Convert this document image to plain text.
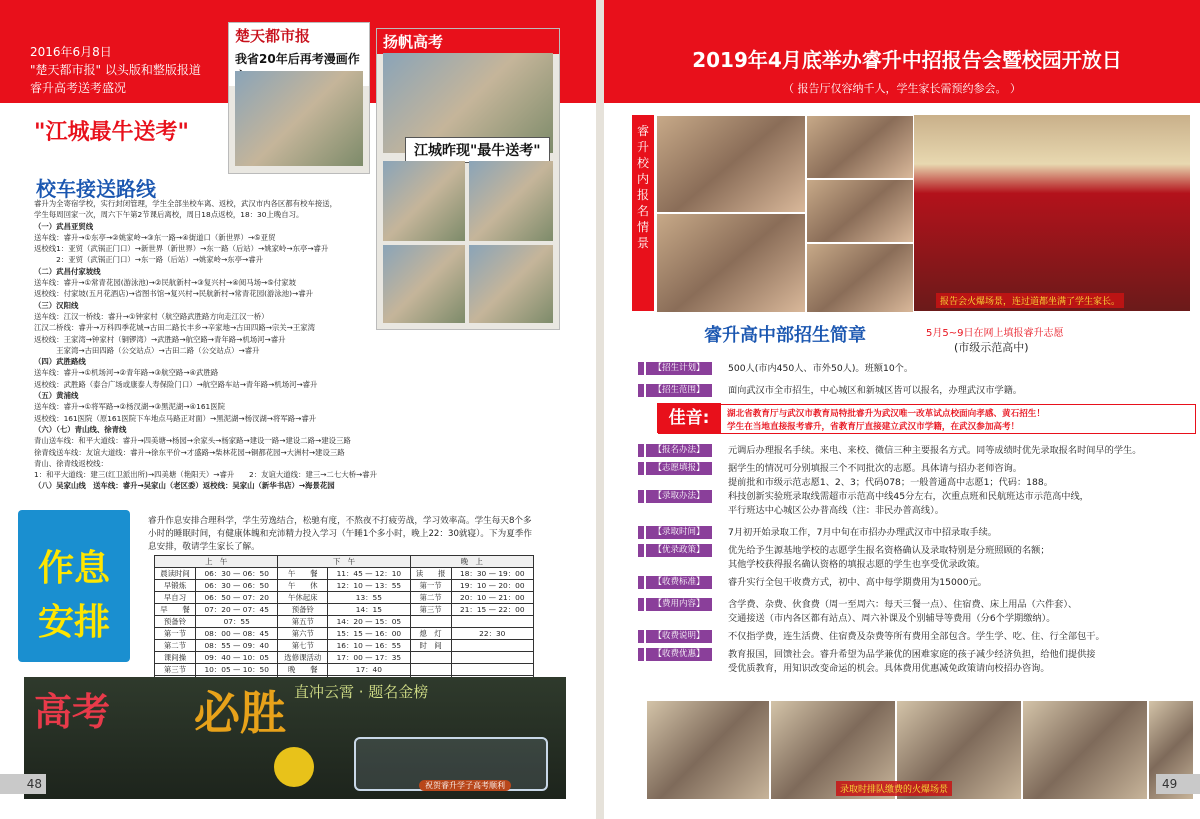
2016年6月8日
"楚天都市报" 以头版和整版报道
睿升高考送考盛况
楚天都市报
我省20年后再考漫画作
扬帆高考
江城昨现"最牛送考"
"江城最牛送考"
校车接送路线
睿升为全寄宿学校，实行封闭管理，学生全部坐校车离、返校，武汉市内各区都有校车接送，
学生每周回家一次，周六下午第2节课后离校，周日18点返校，18：30上晚自习。
（一）武昌亚贸线
送车线：睿升→①东亭→②姚家岭→③东一路→④街道口（新世界）→⑤亚贸
返校线1：亚贸（武锅正门口）→新世界（新世界）→东一路（后站）→姚家岭→东亭→睿升
　　　2：亚贸（武锅正门口）→东一路（后站）→姚家岭→东亭→睿升
（二）武昌付家坡线
送车线：睿升→①常青花园(游泳池)→②民航新村→③复兴村→④阅马场→⑤付家坡
返校线：付家坡(五月花酒店)→省图书馆→复兴村→民航新村→常青花园(游泳池)→睿升
（三）汉阳线
送车线：江汉一桥线：睿升→①钟家村（航空路武胜路方向走江汉一桥）
江汉二桥线：睿升→万科四季花城→古田二路长丰乡→辛家地→古田四路→宗关→王家湾
返校线：王家湾→钟家村（铜锣湾）→武胜路→航空路→青年路→机场河→睿升
　　　王家湾→古田四路（公交站点）→古田二路（公交站点）→睿升
（四）武胜路线
送车线：睿升→①机场河→②青年路→③航空路→④武胜路
返校线：武胜路（泰合广场或康泰人寿保险门口）→航空路车站→青年路→机场河→睿升
（五）黄浦线
送车线：睿升→①将军路→②杨汊湖→③黑泥湖→④161医院
返校线：161医院（原161医院下车地点马路正对面）→黑泥湖→杨汊湖→将军路→睿升
（六）（七）青山线、徐青线
青山送车线：和平大道线：睿升→四美塘→杨园→余家头→杨家路→建设一路→建设二路→建设三路
徐青线送车线：友谊大道线：睿升→徐东平价→才盛路→柴林花园→铜都花园→大洲村→建设三路
青山、徐青线返校线：
1：和平大道线：建三(红卫派出所)→四美塘（艳阳天）→睿升　　2：友谊大道线：建三→二七大桥→睿升
（八）吴家山线　送车线：睿升→吴家山（老区委）返校线：吴家山（新华书店）→海景花园
作息
安排
睿升作息安排合理科学，学生劳逸结合，松驰有度，不熬夜不打疲劳战，学习效率高。学生每天8个多小时的睡眠时间，有健康体魄和充沛精力投入学习（午睡1个多小时，晚上22：30就寝）。下为夏季作息安排，敬请学生家长了解。
上　午		下　午		晚　上	
晨读时间	06：30 — 06：50	午　　餐	11：45 — 12：10	读　　报	18：30 — 19：00
早锻炼	06：30 — 06：50	午　　休	12：10 — 13：55	第一节	19：10 — 20：00
早自习	06：50 — 07：20	午休起床	13：55	第二节	20：10 — 21：00
早　　餐	07：20 — 07：45	预备铃	14：15	第三节	21：15 — 22：00
预备铃	07：55	第五节	14：20 — 15：05		
第一节	08：00 — 08：45	第六节	15：15 — 16：00	熄　灯	22：30
第二节	08：55 — 09：40	第七节	16：10 — 16：55	时　间	
课间操	09：40 — 10：05	选修课活动	17：00 — 17：35		
第三节	10：05 — 10：50	晚　　餐	17：40		

高考 必胜 直冲云霄 · 题名金榜
祝贺睿升学子高考顺利
48
2019年4月底举办睿升中招报告会暨校园开放日
（ 报告厅仅容纳千人，学生家长需预约参会。 ）
睿
升
校
内
报
名
情
景
报告会火爆场景，连过道都坐满了学生家长。
睿升高中部招生简章	5月5~9日在网上填报睿升志愿
(市级示范高中)
【招生计划】	500人(市内450人、市外50人)。班额10个。
【招生范围】	面向武汉市全市招生，中心城区和新城区皆可以报名，办理武汉市学籍。
佳音:	湖北省教育厅与武汉市教育局特批睿升为武汉唯一改革试点校面向孝感、黄石招生！
学生在当地直接报考睿升，省教育厅直接建立武汉市学籍，在武汉参加高考！
【报名办法】	元调后办理报名手续。来电、来校、微信三种主要报名方式。同等成绩时优先录取报名时间早的学生。
【志愿填报】	据学生的情况可分别填报三个不同批次的志愿。具体请与招办老师咨询。
提前批和市级示范志愿1、2、3；代码078；一般普通高中志愿1；代码：188。
【录取办法】	科技创新实验班录取线需超市示范高中线45分左右，次重点班和民航班达市示范高中线，
平行班达中心城区公办普高线（注：非民办普高线）。
【录取时间】	7月初开始录取工作，7月中旬在市招办办理武汉市中招录取手续。
【优录政策】	优先给予生源基地学校的志愿学生报名资格确认及录取特别是分班照顾的名额；
其他学校获得报名确认资格的填报志愿的学生也享受优录政策。
【收费标准】	睿升实行全包干收费方式，初中、高中每学期费用为15000元。
【费用内容】	含学费、杂费、伙食费（周一至周六：每天三餐一点）、住宿费、床上用品（六件套）、
交通接送（市内各区都有站点）、周六补课及个别辅导等费用（分6个学期缴纳）。
【收费说明】	不仅指学费，连生活费、住宿费及杂费等所有费用全部包含。学生学、吃、住、行全部包干。
【收费优惠】	教育报国，回馈社会。睿升希望为品学兼优的困难家庭的孩子减少经济负担，给他们提供接
受优质教育，用知识改变命运的机会。具体费用优惠减免政策请向校招办咨询。
录取时排队缴费的火爆场景	49
